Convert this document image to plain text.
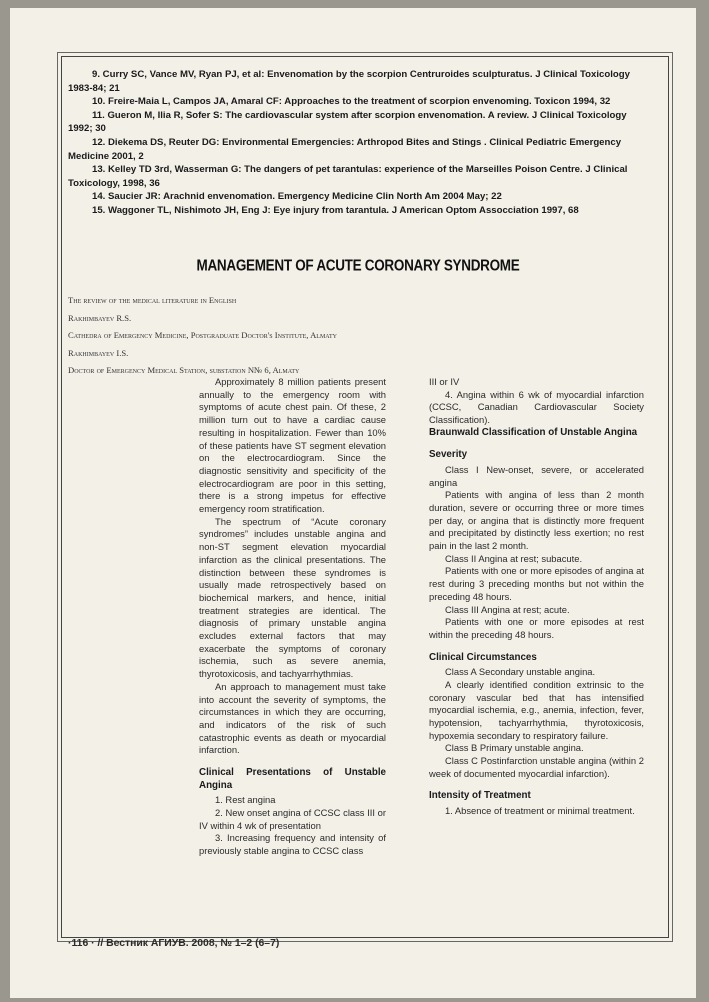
9. Curry SC, Vance MV, Ryan PJ, et al: Envenomation by the scorpion Centruroides sculpturatus. J Clinical Toxicology 1983-84; 21

10. Freire-Maia L, Campos JA, Amaral CF: Approaches to the treatment of scorpion envenoming. Toxicon 1994, 32

11. Gueron M, Ilia R, Sofer S: The cardiovascular system after scorpion envenomation. A review. J Clinical Toxicology 1992; 30

12. Diekema DS, Reuter DG: Environmental Emergencies: Arthropod Bites and Stings . Clinical Pediatric Emergency Medicine 2001, 2

13. Kelley TD 3rd, Wasserman G: The dangers of pet tarantulas: experience of the Marseilles Poison Centre. J Clinical Toxicology, 1998, 36

14. Saucier JR: Arachnid envenomation. Emergency Medicine Clin North Am 2004 May; 22

15. Waggoner TL, Nishimoto JH, Eng J: Eye injury from tarantula. J American Optom Assocciation 1997, 68

MANAGEMENT OF ACUTE CORONARY SYNDROME
The review of the medical literature in English
Rakhimbayev R.S.
Cathedra of Emergency Medicine, Postgraduate Doctor's Institute, Almaty
Rakhimbayev I.S.
Doctor of Emergency Medical Station, substation N№ 6, Almaty

Approximately 8 million patients present annually to the emergency room with symptoms of acute chest pain. Of these, 2 million turn out to have a cardiac cause resulting in hospitalization. Fewer than 10% of these patients have ST segment elevation on the electrocardiogram. Since the diagnostic sensitivity and specificity of the electrocardiogram are poor in this setting, there is a strong impetus for effective emergency room stratification.

The spectrum of “Acute coronary syndromes” includes unstable angina and non-ST segment elevation myocardial infarction as the clinical presentations. The distinction between these syndromes is usually made retrospectively based on biochemical markers, and hence, initial treatment strategies are identical. The diagnosis of primary unstable angina excludes external factors that may exacerbate the symptoms of coronary ischemia, such as severe anemia, thyrotoxicosis, and tachyarrhythmias.

An approach to management must take into account the severity of symptoms, the circumstances in which they are occurring, and indicators of the risk of such catastrophic events as death or myocardial infarction.

Clinical Presentations of Unstable Angina

1. Rest angina

2. New onset angina of CCSC class III or IV within 4 wk of presentation

3. Increasing frequency and intensity of previously stable angina to CCSC class

III or IV

4. Angina within 6 wk of myocardial infarction (CCSC, Canadian Cardiovascular Society Classification).

Braunwald Classification of Unstable Angina
Severity

Class I New-onset, severe, or accelerated angina

Patients with angina of less than 2 month duration, severe or occurring three or more times per day, or angina that is distinctly more frequent and precipitated by distinctly less exertion; no rest pain in the last 2 month.

Class II Angina at rest; subacute.

Patients with one or more episodes of angina at rest during 3 preceding months but not within the preceding 48 hours.

Class III Angina at rest; acute.

Patients with one or more episodes at rest within the preceding 48 hours.

Clinical Circumstances

Class A Secondary unstable angina.

A clearly identified condition extrinsic to the coronary vascular bed that has intensified myocardial ischemia, e.g., anemia, infection, fever, hypotension, tachyarrhythmia, thyrotoxicosis, hypoxemia secondary to respiratory failure.

Class B Primary unstable angina.

Class C Postinfarction unstable angina (within 2 week of documented myocardial infarction).

Intensity of Treatment

1. Absence of treatment or minimal treatment.

·116 · // Вестник АГИУВ. 2008, № 1–2 (6–7)
